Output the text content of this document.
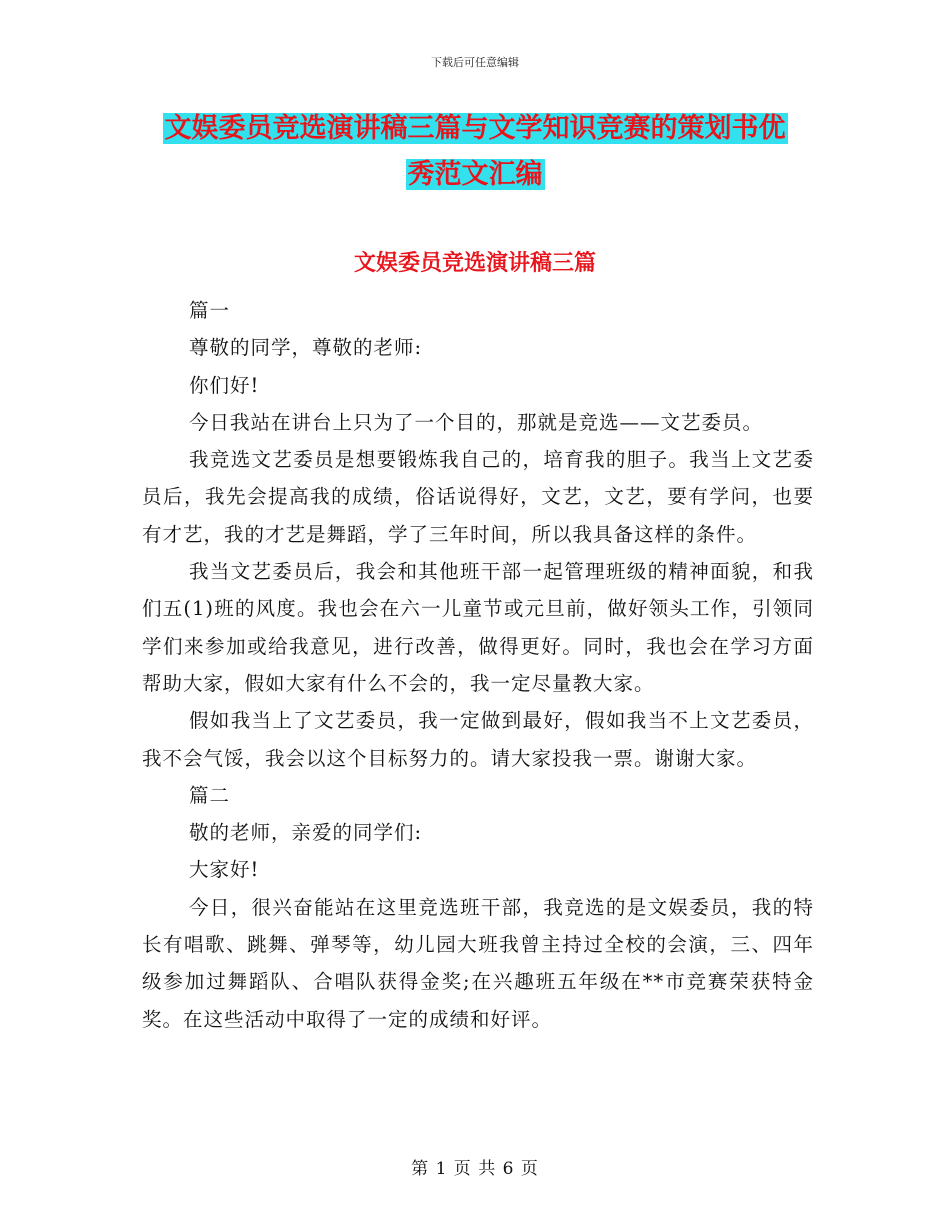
下载后可任意编辑
文娱委员竞选演讲稿三篇与文学知识竞赛的策划书优
秀范文汇编
文娱委员竞选演讲稿三篇

篇一

尊敬的同学，尊敬的老师:

你们好!

今日我站在讲台上只为了一个目的，那就是竞选——文艺委员。

我竞选文艺委员是想要锻炼我自己的，培育我的胆子。我当上文艺委员后，我先会提高我的成绩，俗话说得好，文艺，文艺，要有学问，也要有才艺，我的才艺是舞蹈，学了三年时间，所以我具备这样的条件。

我当文艺委员后，我会和其他班干部一起管理班级的精神面貌，和我们五(1)班的风度。我也会在六一儿童节或元旦前，做好领头工作，引领同学们来参加或给我意见，进行改善，做得更好。同时，我也会在学习方面帮助大家，假如大家有什么不会的，我一定尽量教大家。

假如我当上了文艺委员，我一定做到最好，假如我当不上文艺委员，我不会气馁，我会以这个目标努力的。请大家投我一票。谢谢大家。

篇二

敬的老师，亲爱的同学们:

大家好!

今日，很兴奋能站在这里竞选班干部，我竞选的是文娱委员，我的特长有唱歌、跳舞、弹琴等，幼儿园大班我曾主持过全校的会演，三、四年级参加过舞蹈队、合唱队获得金奖;在兴趣班五年级在**市竞赛荣获特金奖。在这些活动中取得了一定的成绩和好评。

第 1 页 共 6 页
